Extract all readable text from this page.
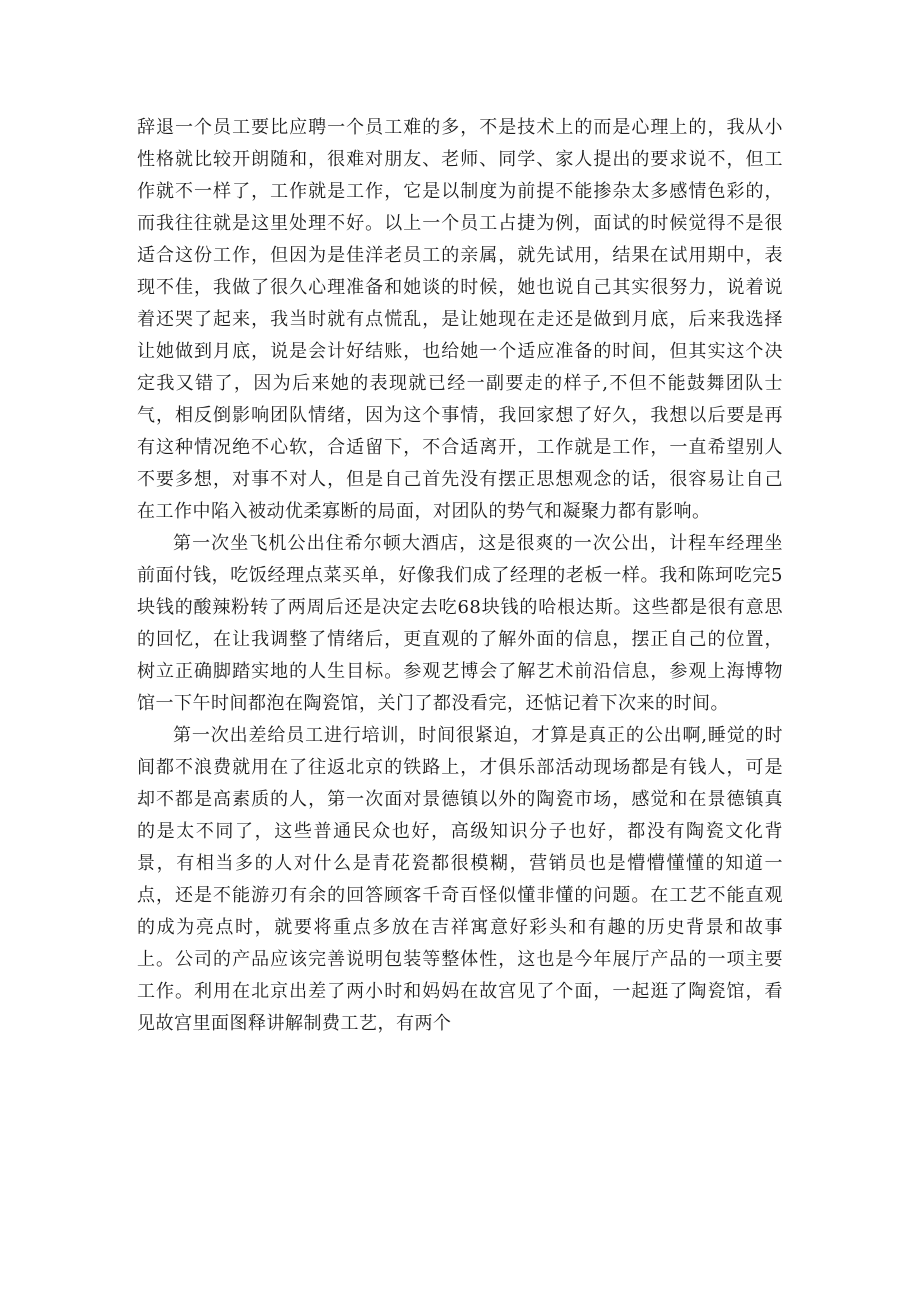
辞退一个员工要比应聘一个员工难的多，不是技术上的而是心理上的，我从小性格就比较开朗随和，很难对朋友、老师、同学、家人提出的要求说不，但工作就不一样了，工作就是工作，它是以制度为前提不能掺杂太多感情色彩的，而我往往就是这里处理不好。以上一个员工占捷为例，面试的时候觉得不是很适合这份工作，但因为是佳洋老员工的亲属，就先试用，结果在试用期中，表现不佳，我做了很久心理准备和她谈的时候，她也说自己其实很努力，说着说着还哭了起来，我当时就有点慌乱，是让她现在走还是做到月底，后来我选择让她做到月底，说是会计好结账，也给她一个适应准备的时间，但其实这个决定我又错了，因为后来她的表现就已经一副要走的样子,不但不能鼓舞团队士气，相反倒影响团队情绪，因为这个事情，我回家想了好久，我想以后要是再有这种情况绝不心软，合适留下，不合适离开，工作就是工作，一直希望别人不要多想，对事不对人，但是自己首先没有摆正思想观念的话，很容易让自己在工作中陷入被动优柔寡断的局面，对团队的势气和凝聚力都有影响。

第一次坐飞机公出住希尔顿大酒店，这是很爽的一次公出，计程车经理坐前面付钱，吃饭经理点菜买单，好像我们成了经理的老板一样。我和陈珂吃完5块钱的酸辣粉转了两周后还是决定去吃68块钱的哈根达斯。这些都是很有意思的回忆，在让我调整了情绪后，更直观的了解外面的信息，摆正自己的位置，树立正确脚踏实地的人生目标。参观艺博会了解艺术前沿信息，参观上海博物馆一下午时间都泡在陶瓷馆，关门了都没看完，还惦记着下次来的时间。

第一次出差给员工进行培训，时间很紧迫，才算是真正的公出啊,睡觉的时间都不浪费就用在了往返北京的铁路上，才俱乐部活动现场都是有钱人，可是却不都是高素质的人，第一次面对景德镇以外的陶瓷市场，感觉和在景德镇真的是太不同了，这些普通民众也好，高级知识分子也好，都没有陶瓷文化背景，有相当多的人对什么是青花瓷都很模糊，营销员也是懵懵懂懂的知道一点，还是不能游刃有余的回答顾客千奇百怪似懂非懂的问题。在工艺不能直观的成为亮点时，就要将重点多放在吉祥寓意好彩头和有趣的历史背景和故事上。公司的产品应该完善说明包装等整体性，这也是今年展厅产品的一项主要工作。利用在北京出差了两小时和妈妈在故宫见了个面，一起逛了陶瓷馆，看见故宫里面图释讲解制费工艺，有两个
